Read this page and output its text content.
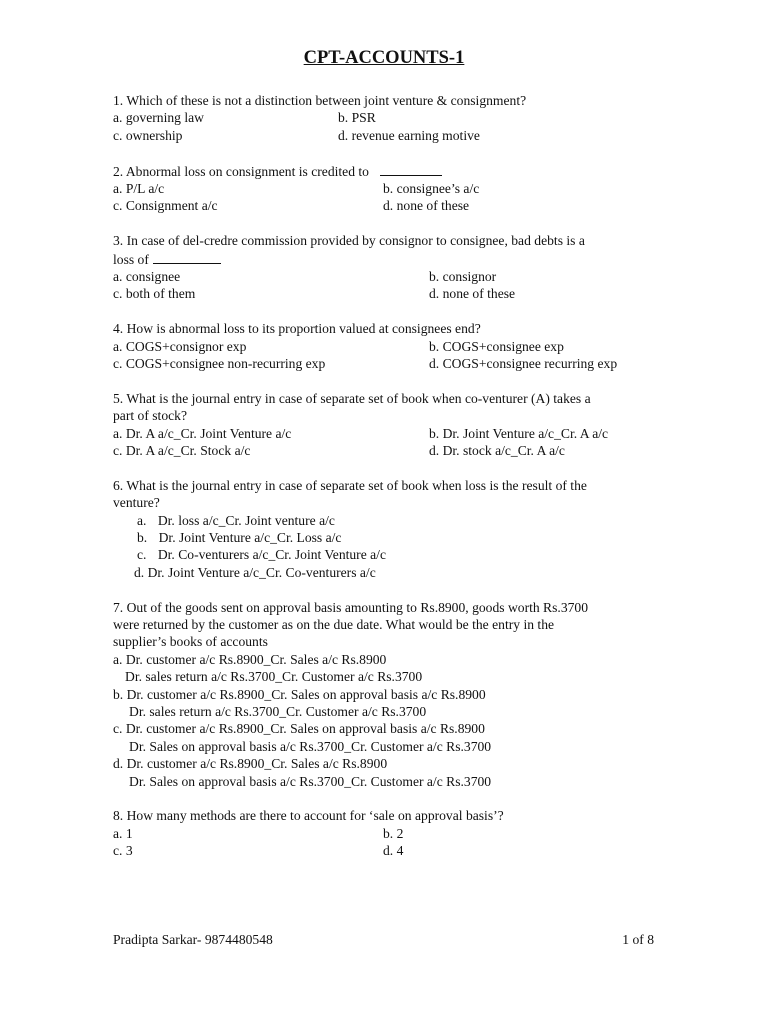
CPT-ACCOUNTS-1
1. Which of these is not a distinction between joint venture & consignment?
a. governing law	b. PSR
c. ownership	d. revenue earning motive
2. Abnormal loss on consignment is credited to
a. P/L a/c	b. consignee’s a/c
c. Consignment a/c	d. none of these
3. In case of del-credre commission provided by consignor to consignee, bad debts is a
loss of
a. consignee	b. consignor
c. both of them	d. none of these
4. How is abnormal loss to its proportion valued at consignees end?
a. COGS+consignor exp	b. COGS+consignee exp
c. COGS+consignee non-recurring exp	d. COGS+consignee recurring exp
5. What is the journal entry in case of separate set of book when co-venturer (A) takes a
part of stock?
a. Dr. A a/c_Cr. Joint Venture a/c	b. Dr. Joint Venture a/c_Cr. A a/c
c. Dr. A a/c_Cr. Stock a/c	d. Dr. stock a/c_Cr. A a/c
6. What is the journal entry in case of separate set of book when loss is the result of the
venture?
a. Dr. loss a/c_Cr. Joint venture a/c
b. Dr. Joint Venture a/c_Cr. Loss a/c
c. Dr. Co-venturers a/c_Cr. Joint Venture a/c
d. Dr. Joint Venture a/c_Cr. Co-venturers a/c
7. Out of the goods sent on approval basis amounting to Rs.8900, goods worth Rs.3700
were returned by the customer as on the due date. What would be the entry in the
supplier’s books of accounts
a. Dr. customer a/c Rs.8900_Cr. Sales a/c Rs.8900
Dr. sales return a/c Rs.3700_Cr. Customer a/c Rs.3700
b. Dr. customer a/c Rs.8900_Cr. Sales on approval basis a/c Rs.8900
Dr. sales return a/c Rs.3700_Cr. Customer a/c Rs.3700
c. Dr. customer a/c Rs.8900_Cr. Sales on approval basis a/c Rs.8900
Dr. Sales on approval basis a/c Rs.3700_Cr. Customer a/c Rs.3700
d. Dr. customer a/c Rs.8900_Cr. Sales a/c Rs.8900
Dr. Sales on approval basis a/c Rs.3700_Cr. Customer a/c Rs.3700
8. How many methods are there to account for ‘sale on approval basis’?
a. 1	b. 2
c. 3	d. 4
Pradipta Sarkar- 9874480548	1 of 8
